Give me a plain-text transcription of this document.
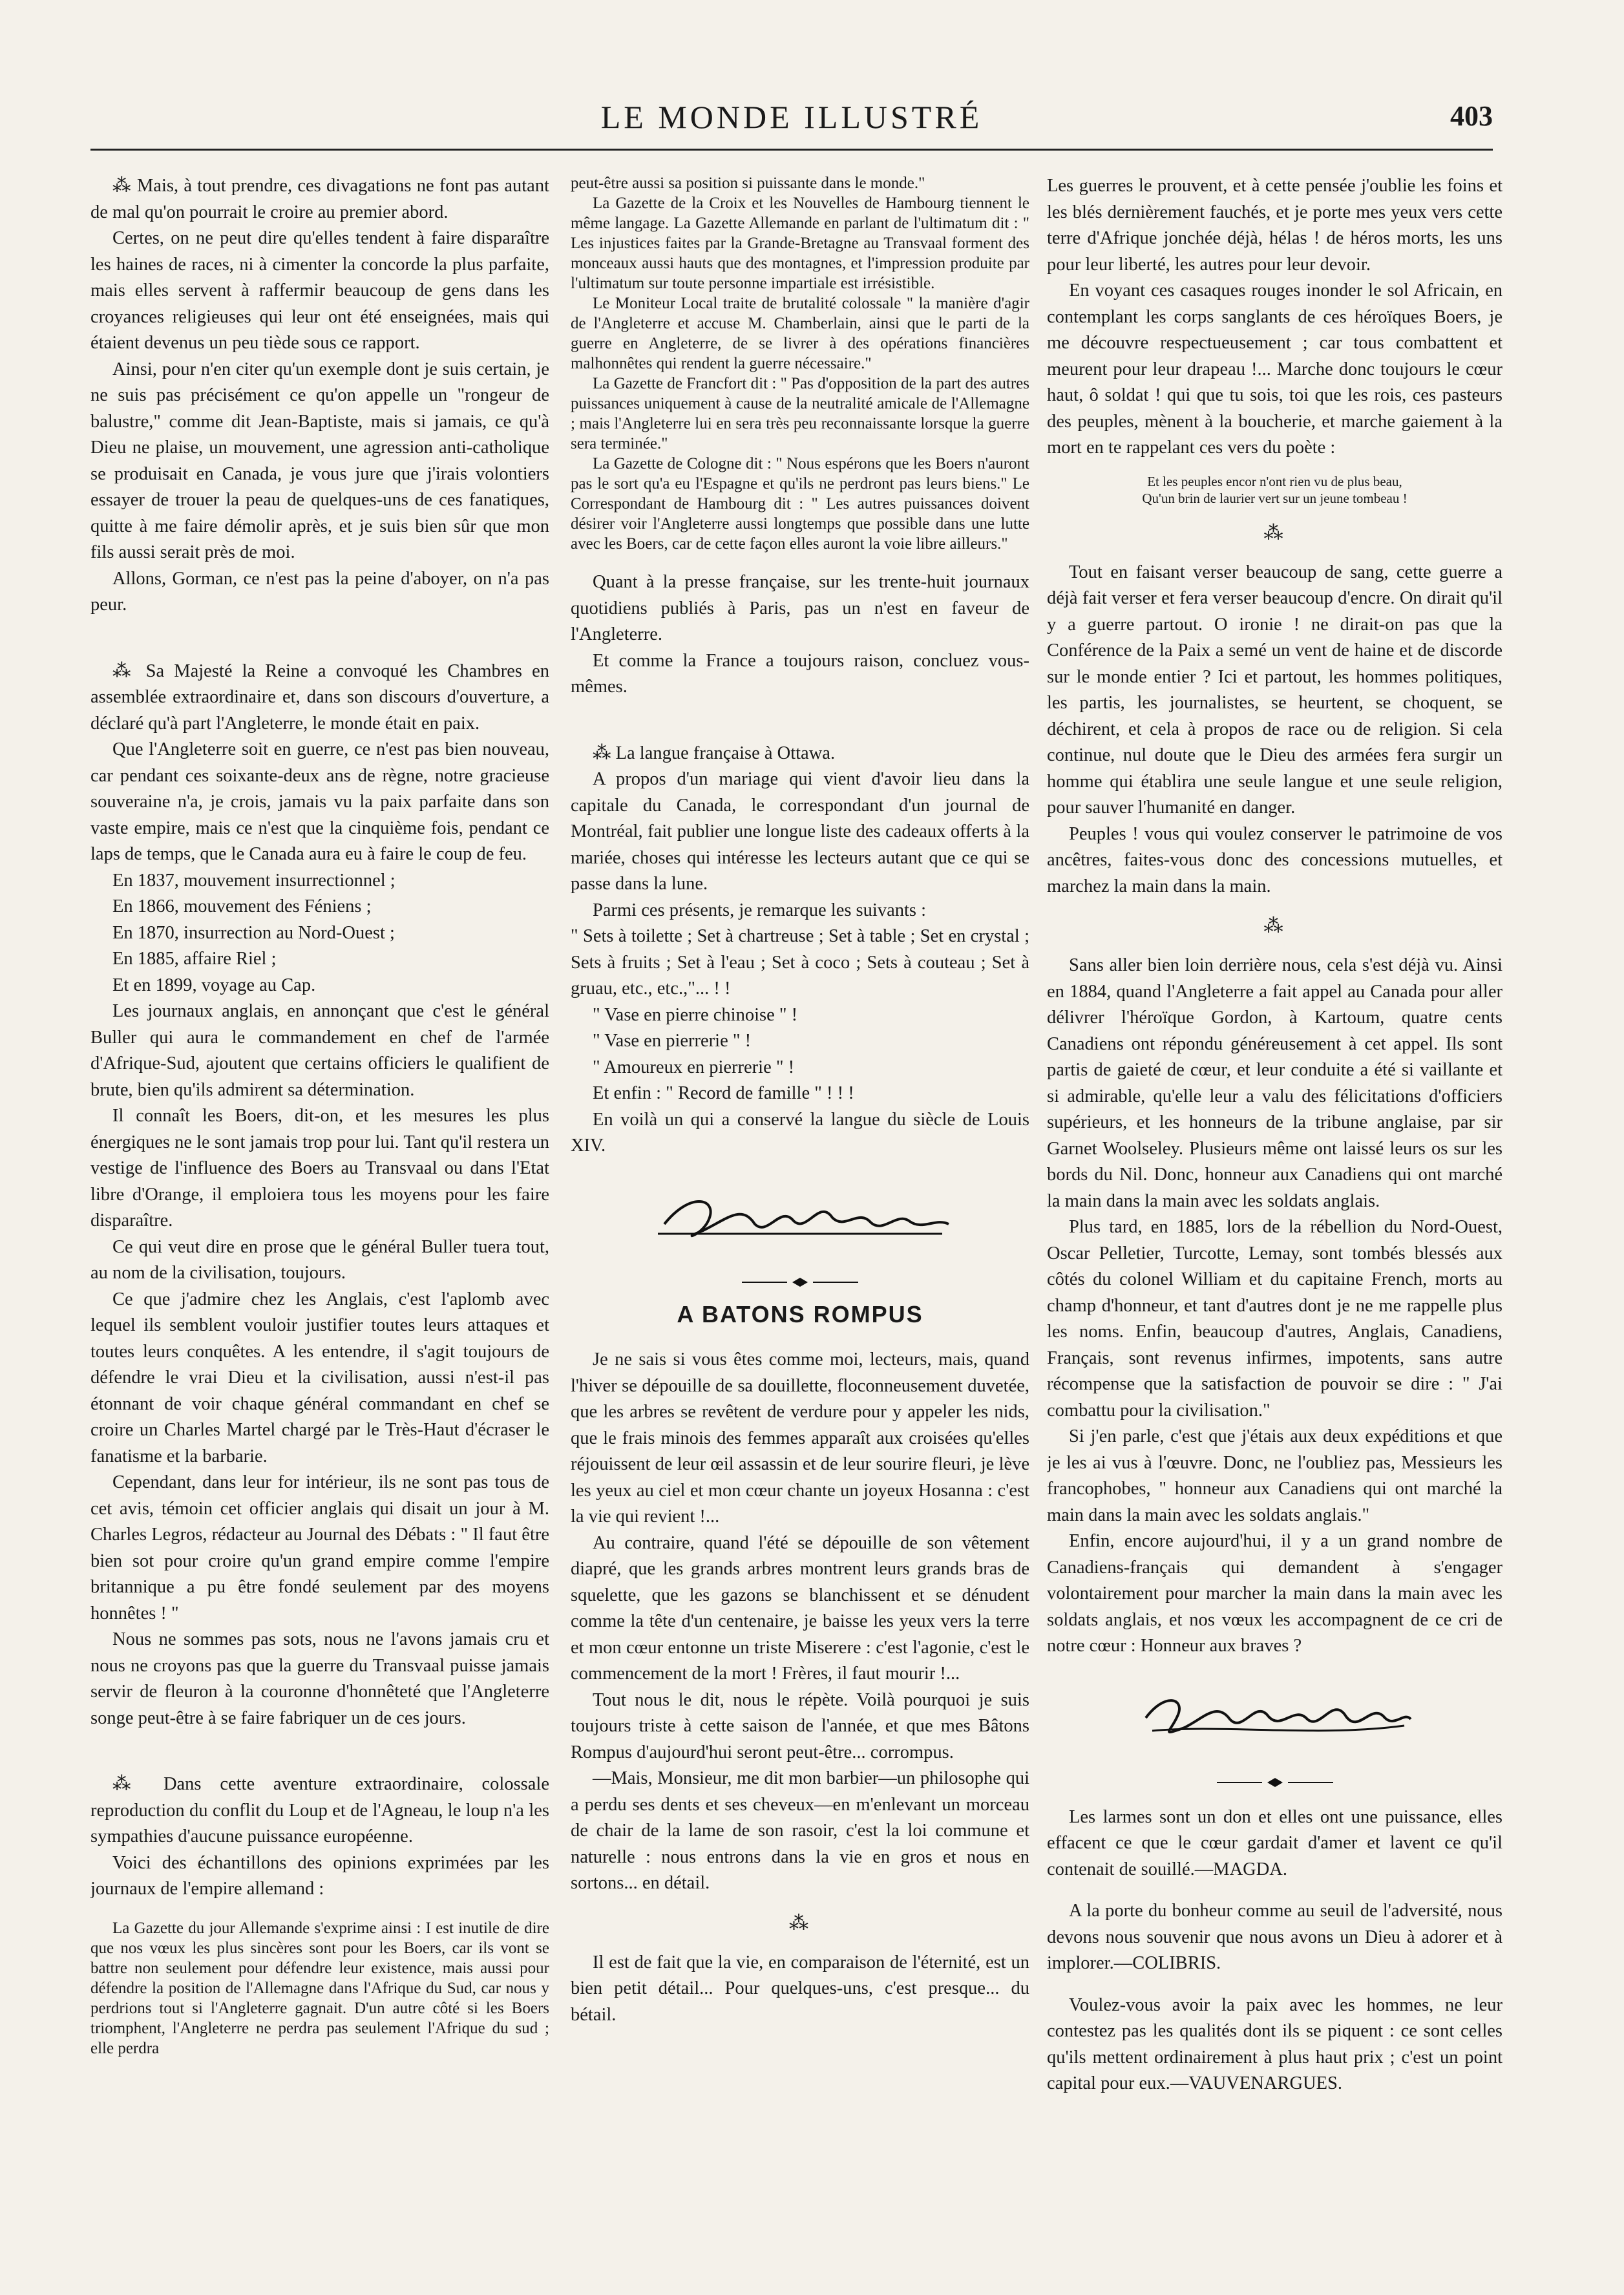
LE MONDE ILLUSTRÉ	403

⁂ Mais, à tout prendre, ces divagations ne font pas autant de mal qu'on pourrait le croire au premier abord.

Certes, on ne peut dire qu'elles tendent à faire disparaître les haines de races, ni à cimenter la concorde la plus parfaite, mais elles servent à raffermir beaucoup de gens dans les croyances religieuses qui leur ont été enseignées, mais qui étaient devenus un peu tiède sous ce rapport.

Ainsi, pour n'en citer qu'un exemple dont je suis certain, je ne suis pas précisément ce qu'on appelle un "rongeur de balustre," comme dit Jean-Baptiste, mais si jamais, ce qu'à Dieu ne plaise, un mouvement, une agression anti-catholique se produisait en Canada, je vous jure que j'irais volontiers essayer de trouer la peau de quelques-uns de ces fanatiques, quitte à me faire démolir après, et je suis bien sûr que mon fils aussi serait près de moi.

Allons, Gorman, ce n'est pas la peine d'aboyer, on n'a pas peur.

⁂ Sa Majesté la Reine a convoqué les Chambres en assemblée extraordinaire et, dans son discours d'ouverture, a déclaré qu'à part l'Angleterre, le monde était en paix.

Que l'Angleterre soit en guerre, ce n'est pas bien nouveau, car pendant ces soixante-deux ans de règne, notre gracieuse souveraine n'a, je crois, jamais vu la paix parfaite dans son vaste empire, mais ce n'est que la cinquième fois, pendant ce laps de temps, que le Canada aura eu à faire le coup de feu.

En 1837, mouvement insurrectionnel ;
En 1866, mouvement des Féniens ;
En 1870, insurrection au Nord-Ouest ;
En 1885, affaire Riel ;
Et en 1899, voyage au Cap.

Les journaux anglais, en annonçant que c'est le général Buller qui aura le commandement en chef de l'armée d'Afrique-Sud, ajoutent que certains officiers le qualifient de brute, bien qu'ils admirent sa détermination.

Il connaît les Boers, dit-on, et les mesures les plus énergiques ne le sont jamais trop pour lui. Tant qu'il restera un vestige de l'influence des Boers au Transvaal ou dans l'Etat libre d'Orange, il emploiera tous les moyens pour les faire disparaître.

Ce qui veut dire en prose que le général Buller tuera tout, au nom de la civilisation, toujours.

Ce que j'admire chez les Anglais, c'est l'aplomb avec lequel ils semblent vouloir justifier toutes leurs attaques et toutes leurs conquêtes. A les entendre, il s'agit toujours de défendre le vrai Dieu et la civilisation, aussi n'est-il pas étonnant de voir chaque général commandant en chef se croire un Charles Martel chargé par le Très-Haut d'écraser le fanatisme et la barbarie.

Cependant, dans leur for intérieur, ils ne sont pas tous de cet avis, témoin cet officier anglais qui disait un jour à M. Charles Legros, rédacteur au Journal des Débats : " Il faut être bien sot pour croire qu'un grand empire comme l'empire britannique a pu être fondé seulement par des moyens honnêtes ! "

Nous ne sommes pas sots, nous ne l'avons jamais cru et nous ne croyons pas que la guerre du Transvaal puisse jamais servir de fleuron à la couronne d'honnêteté que l'Angleterre songe peut-être à se faire fabriquer un de ces jours.

⁂ Dans cette aventure extraordinaire, colossale reproduction du conflit du Loup et de l'Agneau, le loup n'a les sympathies d'aucune puissance européenne.

Voici des échantillons des opinions exprimées par les journaux de l'empire allemand :

La Gazette du jour Allemande s'exprime ainsi : I est inutile de dire que nos vœux les plus sincères sont pour les Boers, car ils vont se battre non seulement pour défendre leur existence, mais aussi pour défendre la position de l'Allemagne dans l'Afrique du Sud, car nous y perdrions tout si l'Angleterre gagnait. D'un autre côté si les Boers triomphent, l'Angleterre ne perdra pas seulement l'Afrique du sud ; elle perdra

peut-être aussi sa position si puissante dans le monde."

La Gazette de la Croix et les Nouvelles de Hambourg tiennent le même langage. La Gazette Allemande en parlant de l'ultimatum dit : " Les injustices faites par la Grande-Bretagne au Transvaal forment des monceaux aussi hauts que des montagnes, et l'impression produite par l'ultimatum sur toute personne impartiale est irrésistible.

Le Moniteur Local traite de brutalité colossale " la manière d'agir de l'Angleterre et accuse M. Chamberlain, ainsi que le parti de la guerre en Angleterre, de se livrer à des opérations financières malhonnêtes qui rendent la guerre nécessaire."

La Gazette de Francfort dit : " Pas d'opposition de la part des autres puissances uniquement à cause de la neutralité amicale de l'Allemagne ; mais l'Angleterre lui en sera très peu reconnaissante lorsque la guerre sera terminée."

La Gazette de Cologne dit : " Nous espérons que les Boers n'auront pas le sort qu'a eu l'Espagne et qu'ils ne perdront pas leurs biens." Le Correspondant de Hambourg dit : " Les autres puissances doivent désirer voir l'Angleterre aussi longtemps que possible dans une lutte avec les Boers, car de cette façon elles auront la voie libre ailleurs."

Quant à la presse française, sur les trente-huit journaux quotidiens publiés à Paris, pas un n'est en faveur de l'Angleterre.

Et comme la France a toujours raison, concluez vous-mêmes.

⁂ La langue française à Ottawa.

A propos d'un mariage qui vient d'avoir lieu dans la capitale du Canada, le correspondant d'un journal de Montréal, fait publier une longue liste des cadeaux offerts à la mariée, choses qui intéresse les lecteurs autant que ce qui se passe dans la lune.

Parmi ces présents, je remarque les suivants :

" Sets à toilette ; Set à chartreuse ; Set à table ; Set en crystal ; Sets à fruits ; Set à l'eau ; Set à coco ; Sets à couteau ; Set à gruau, etc., etc.,"... ! !

" Vase en pierre chinoise " !

" Vase en pierrerie " !

" Amoureux en pierrerie " !

Et enfin : " Record de famille " ! ! !

En voilà un qui a conservé la langue du siècle de Louis XIV.

A BATONS ROMPUS

Je ne sais si vous êtes comme moi, lecteurs, mais, quand l'hiver se dépouille de sa douillette, floconneusement duvetée, que les arbres se revêtent de verdure pour y appeler les nids, que le frais minois des femmes apparaît aux croisées qu'elles réjouissent de leur œil assassin et de leur sourire fleuri, je lève les yeux au ciel et mon cœur chante un joyeux Hosanna : c'est la vie qui revient !...

Au contraire, quand l'été se dépouille de son vêtement diapré, que les grands arbres montrent leurs grands bras de squelette, que les gazons se blanchissent et se dénudent comme la tête d'un centenaire, je baisse les yeux vers la terre et mon cœur entonne un triste Miserere : c'est l'agonie, c'est le commencement de la mort ! Frères, il faut mourir !...

Tout nous le dit, nous le répète. Voilà pourquoi je suis toujours triste à cette saison de l'année, et que mes Bâtons Rompus d'aujourd'hui seront peut-être... corrompus.

—Mais, Monsieur, me dit mon barbier—un philosophe qui a perdu ses dents et ses cheveux—en m'enlevant un morceau de chair de la lame de son rasoir, c'est la loi commune et naturelle : nous entrons dans la vie en gros et nous en sortons... en détail.

⁂

Il est de fait que la vie, en comparaison de l'éternité, est un bien petit détail... Pour quelques-uns, c'est presque... du bétail.

Les guerres le prouvent, et à cette pensée j'oublie les foins et les blés dernièrement fauchés, et je porte mes yeux vers cette terre d'Afrique jonchée déjà, hélas ! de héros morts, les uns pour leur liberté, les autres pour leur devoir.

En voyant ces casaques rouges inonder le sol Africain, en contemplant les corps sanglants de ces héroïques Boers, je me découvre respectueusement ; car tous combattent et meurent pour leur drapeau !... Marche donc toujours le cœur haut, ô soldat ! qui que tu sois, toi que les rois, ces pasteurs des peuples, mènent à la boucherie, et marche gaiement à la mort en te rappelant ces vers du poète :

Et les peuples encor n'ont rien vu de plus beau,
Qu'un brin de laurier vert sur un jeune tombeau !
⁂

Tout en faisant verser beaucoup de sang, cette guerre a déjà fait verser et fera verser beaucoup d'encre. On dirait qu'il y a guerre partout. O ironie ! ne dirait-on pas que la Conférence de la Paix a semé un vent de haine et de discorde sur le monde entier ? Ici et partout, les hommes politiques, les partis, les journalistes, se heurtent, se choquent, se déchirent, et cela à propos de race ou de religion. Si cela continue, nul doute que le Dieu des armées fera surgir un homme qui établira une seule langue et une seule religion, pour sauver l'humanité en danger.

Peuples ! vous qui voulez conserver le patrimoine de vos ancêtres, faites-vous donc des concessions mutuelles, et marchez la main dans la main.

⁂

Sans aller bien loin derrière nous, cela s'est déjà vu. Ainsi en 1884, quand l'Angleterre a fait appel au Canada pour aller délivrer l'héroïque Gordon, à Kartoum, quatre cents Canadiens ont répondu généreusement à cet appel. Ils sont partis de gaieté de cœur, et leur conduite a été si vaillante et si admirable, qu'elle leur a valu des félicitations d'officiers supérieurs, et les honneurs de la tribune anglaise, par sir Garnet Woolseley. Plusieurs même ont laissé leurs os sur les bords du Nil. Donc, honneur aux Canadiens qui ont marché la main dans la main avec les soldats anglais.

Plus tard, en 1885, lors de la rébellion du Nord-Ouest, Oscar Pelletier, Turcotte, Lemay, sont tombés blessés aux côtés du colonel William et du capitaine French, morts au champ d'honneur, et tant d'autres dont je ne me rappelle plus les noms. Enfin, beaucoup d'autres, Anglais, Canadiens, Français, sont revenus infirmes, impotents, sans autre récompense que la satisfaction de pouvoir se dire : " J'ai combattu pour la civilisation."

Si j'en parle, c'est que j'étais aux deux expéditions et que je les ai vus à l'œuvre. Donc, ne l'oubliez pas, Messieurs les francophobes, " honneur aux Canadiens qui ont marché la main dans la main avec les soldats anglais."

Enfin, encore aujourd'hui, il y a un grand nombre de Canadiens-français qui demandent à s'engager volontairement pour marcher la main dans la main avec les soldats anglais, et nos vœux les accompagnent de ce cri de notre cœur : Honneur aux braves ?

Les larmes sont un don et elles ont une puissance, elles effacent ce que le cœur gardait d'amer et lavent ce qu'il contenait de souillé.—MAGDA.

A la porte du bonheur comme au seuil de l'adversité, nous devons nous souvenir que nous avons un Dieu à adorer et à implorer.—COLIBRIS.

Voulez-vous avoir la paix avec les hommes, ne leur contestez pas les qualités dont ils se piquent : ce sont celles qu'ils mettent ordinairement à plus haut prix ; c'est un point capital pour eux.—VAUVENARGUES.
